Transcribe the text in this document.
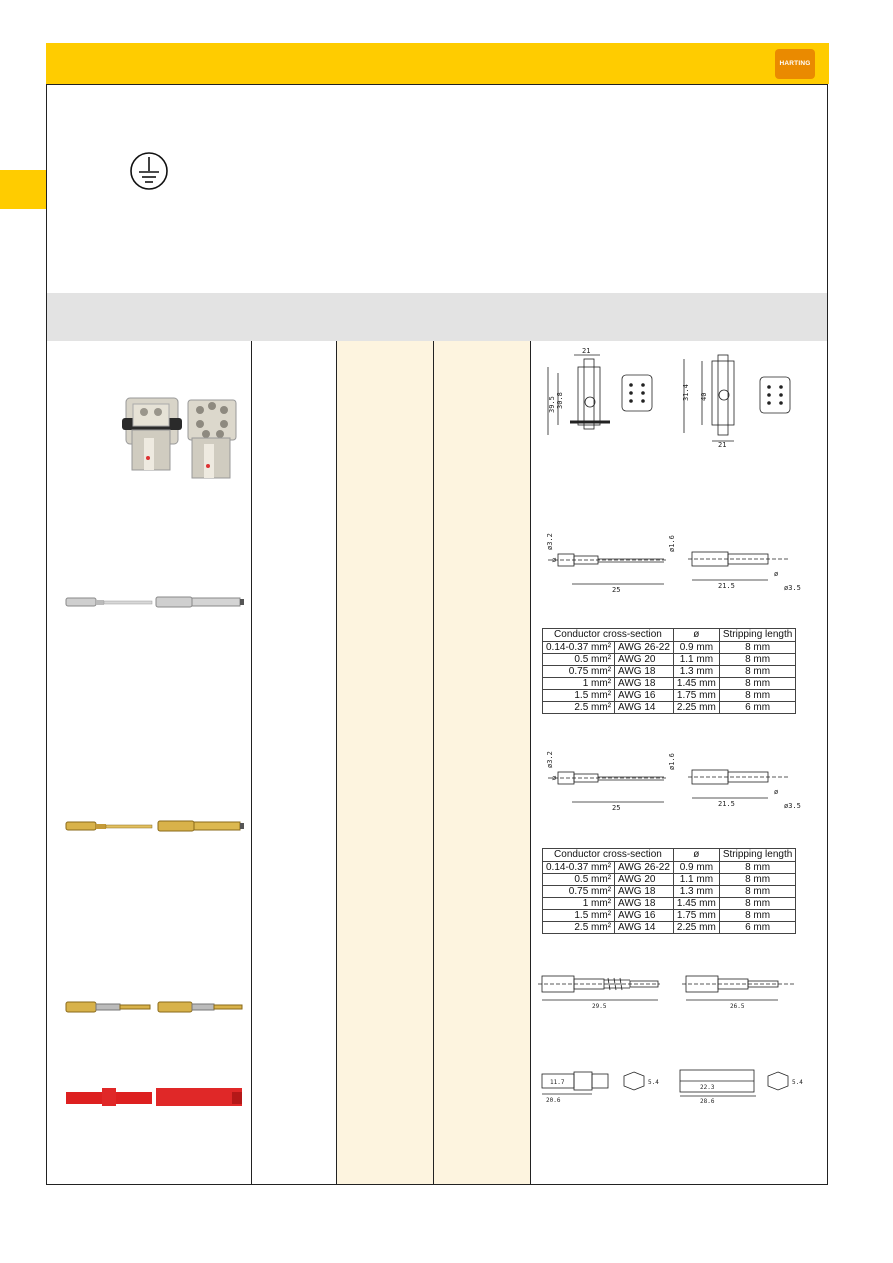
HARTING
21
39.5 30.8	31.4 40
21
ø3.2
ø
25
ø1.6
21.5
ø
ø3.5
Conductor cross-section		ø	Stripping length
0.14-0.37 mm²	AWG 26-22	0.9 mm	8 mm
0.5 mm²	AWG 20	1.1 mm	8 mm
0.75 mm²	AWG 18	1.3 mm	8 mm
1 mm²	AWG 18	1.45 mm	8 mm
1.5 mm²	AWG 16	1.75 mm	8 mm
2.5 mm²	AWG 14	2.25 mm	6 mm
ø3.2
ø
25
ø1.6
21.5
ø
ø3.5
Conductor cross-section		ø	Stripping length
0.14-0.37 mm²	AWG 26-22	0.9 mm	8 mm
0.5 mm²	AWG 20	1.1 mm	8 mm
0.75 mm²	AWG 18	1.3 mm	8 mm
1 mm²	AWG 18	1.45 mm	8 mm
1.5 mm²	AWG 16	1.75 mm	8 mm
2.5 mm²	AWG 14	2.25 mm	6 mm
29.5	26.5
11.7
20.6
5.4
22.3
28.6
5.4
